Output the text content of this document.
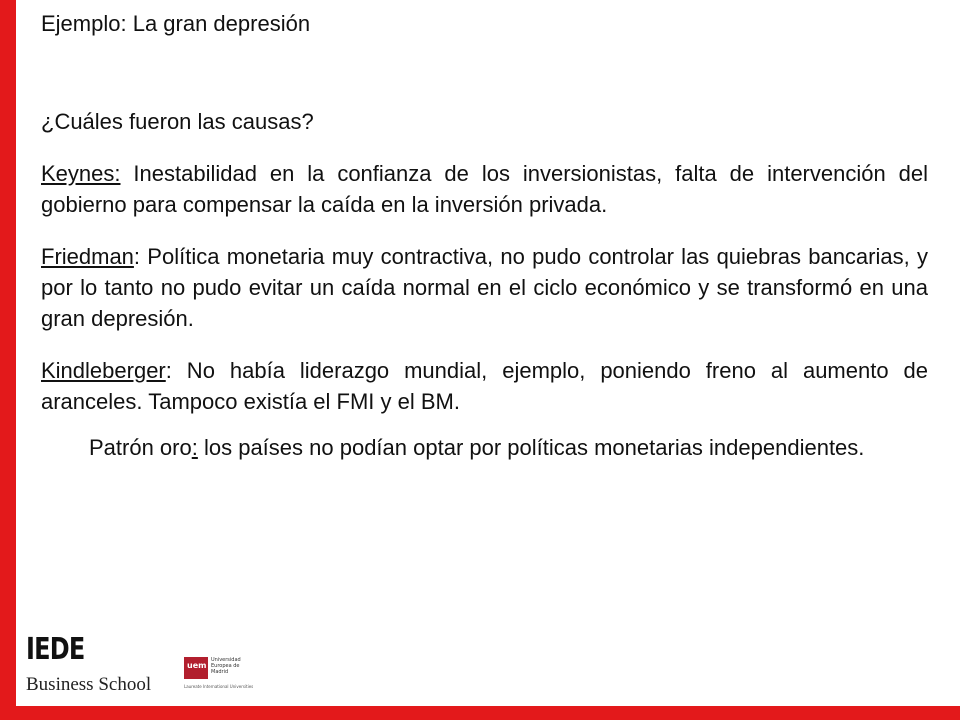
Ejemplo: La gran depresión

¿Cuáles fueron las causas?

Keynes: Inestabilidad en la confianza de los inversionistas, falta de intervención del gobierno para compensar la caída en la inversión privada.

Friedman: Política monetaria muy contractiva, no pudo controlar las quiebras bancarias, y por lo tanto no pudo evitar un caída normal en el ciclo económico y se transformó en una gran depresión.

Kindleberger: No había liderazgo mundial, ejemplo, poniendo freno al aumento de aranceles. Tampoco existía el FMI y el BM.

Patrón oro: los países no podían optar por políticas monetarias independientes.

IEDE
Business School
uem
Universidad Europea de Madrid
Laureate International Universities
